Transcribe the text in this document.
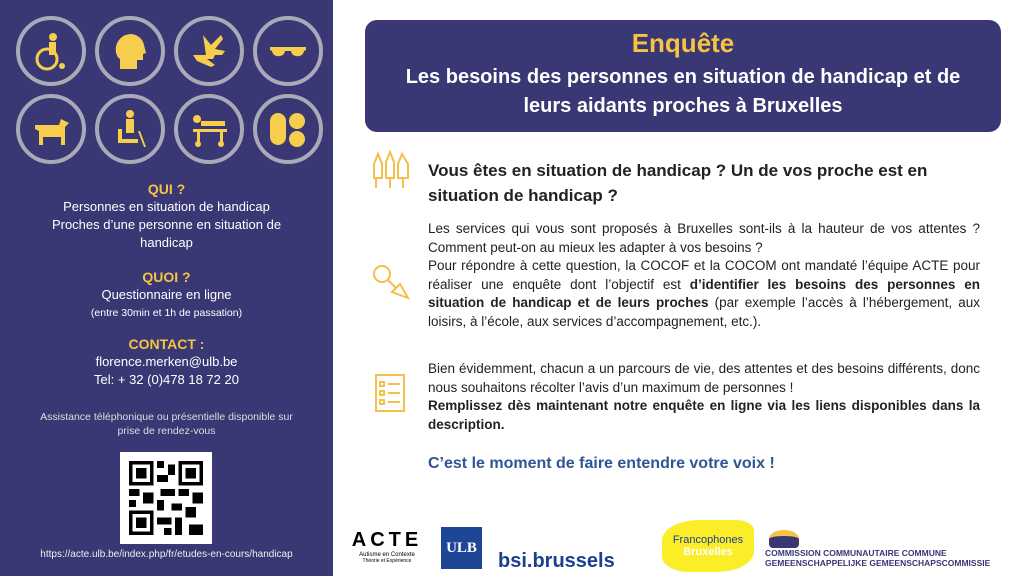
QUI ?
Personnes en situation de handicap
Proches d’une personne en situation de handicap
QUOI ?
Questionnaire en ligne
(entre 30min et 1h de passation)
CONTACT :
florence.merken@ulb.be
Tel: + 32 (0)478 18 72 20
Assistance téléphonique ou présentielle disponible sur prise de rendez-vous
https://acte.ulb.be/index.php/fr/etudes-en-cours/handicap
Enquête
Les besoins des personnes en situation de handicap et de leurs aidants proches à Bruxelles
Vous êtes en situation de handicap ? Un de vos proche est en situation de handicap ?
Les services qui vous sont proposés à Bruxelles sont-ils à la hauteur de vos attentes ? Comment peut-on au mieux les adapter à vos besoins ?
Pour répondre à cette question, la COCOF et la COCOM ont mandaté l’équipe ACTE pour réaliser une enquête dont l’objectif est d’identifier les besoins des personnes en situation de handicap et de leurs proches (par exemple l’accès à l’hébergement, aux loisirs, à l’école, aux services d’accompagnement, etc.).
Bien évidemment, chacun a un parcours de vie, des attentes et des besoins différents, donc nous souhaitons récolter l’avis d’un maximum de personnes !
Remplissez dès maintenant notre enquête en ligne via les liens disponibles dans la description.
C’est le moment de faire entendre votre voix !
ACTE
Autisme en Contexte
Théorie et Expérience
ULB
bsi.brussels
Francophones
Bruxelles	COMMISSION COMMUNAUTAIRE COMMUNE
GEMEENSCHAPPELIJKE GEMEENSCHAPSCOMMISSIE
